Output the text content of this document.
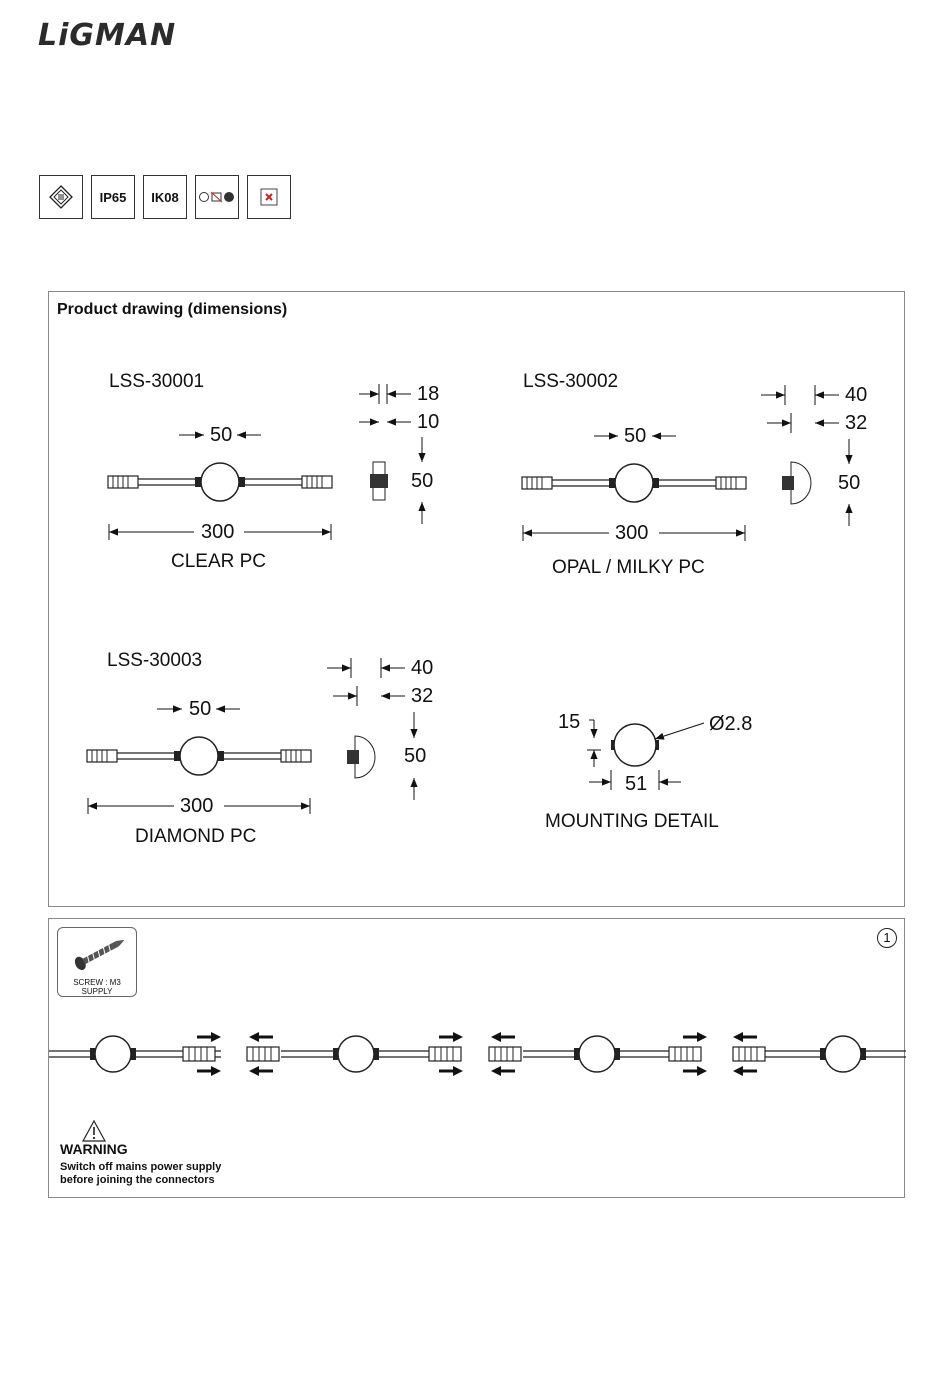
LiGMAN
IP65	IK08
Product drawing (dimensions)
LSS-30001
50
300
CLEAR PC
18
10
50
LSS-30002
50
300
OPAL / MILKY PC
40
32
50
LSS-30003
50
300
DIAMOND PC
40
32
50
15	Ø2.8
51
MOUNTING DETAIL
1
SCREW : M3
SUPPLY
WARNING
Switch off mains power supply
before joining the connectors
